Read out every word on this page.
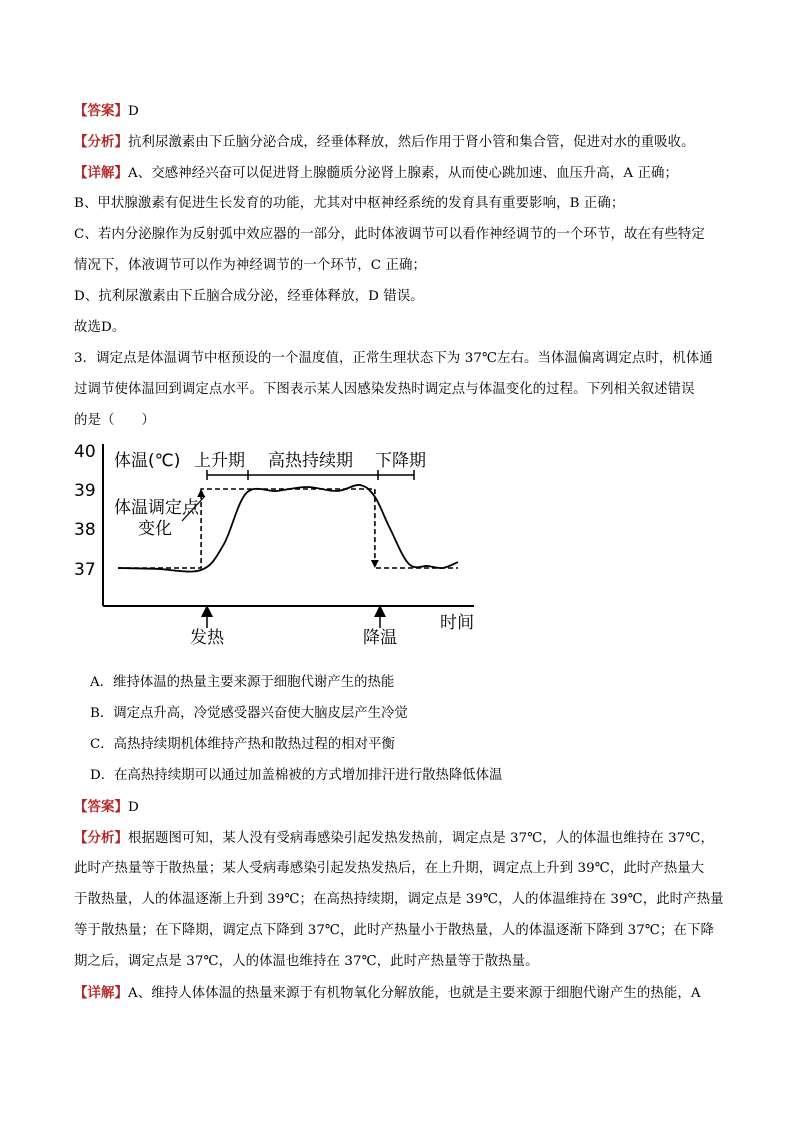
【答案】D
【分析】抗利尿激素由下丘脑分泌合成，经垂体释放，然后作用于肾小管和集合管，促进对水的重吸收。
【详解】A、交感神经兴奋可以促进肾上腺髓质分泌肾上腺素，从而使心跳加速、血压升高，A 正确；
B、甲状腺激素有促进生长发育的功能，尤其对中枢神经系统的发育具有重要影响，B 正确；
C、若内分泌腺作为反射弧中效应器的一部分，此时体液调节可以看作神经调节的一个环节，故在有些特定
情况下，体液调节可以作为神经调节的一个环节，C 正确；
D、抗利尿激素由下丘脑合成分泌，经垂体释放，D 错误。
故选D。
3．调定点是体温调节中枢预设的一个温度值，正常生理状态下为 37℃左右。当体温偏离调定点时，机体通
过调节使体温回到调定点水平。下图表示某人因感染发热时调定点与体温变化的过程。下列相关叙述错误
的是（　　）
40
39
38
37
体温(℃) 上升期 高热持续期 下降期
体温调定点
变化
发热	降温
时间
A．维持体温的热量主要来源于细胞代谢产生的热能
B．调定点升高，冷觉感受器兴奋使大脑皮层产生冷觉
C．高热持续期机体维持产热和散热过程的相对平衡
D．在高热持续期可以通过加盖棉被的方式增加排汗进行散热降低体温
【答案】D
【分析】根据题图可知，某人没有受病毒感染引起发热发热前，调定点是 37℃，人的体温也维持在 37℃，
此时产热量等于散热量；某人受病毒感染引起发热发热后，在上升期，调定点上升到 39℃，此时产热量大
于散热量，人的体温逐渐上升到 39℃；在高热持续期，调定点是 39℃，人的体温维持在 39℃，此时产热量
等于散热量；在下降期，调定点下降到 37℃，此时产热量小于散热量，人的体温逐渐下降到 37℃；在下降
期之后，调定点是 37℃，人的体温也维持在 37℃，此时产热量等于散热量。
【详解】A、维持人体体温的热量来源于有机物氧化分解放能，也就是主要来源于细胞代谢产生的热能，A
